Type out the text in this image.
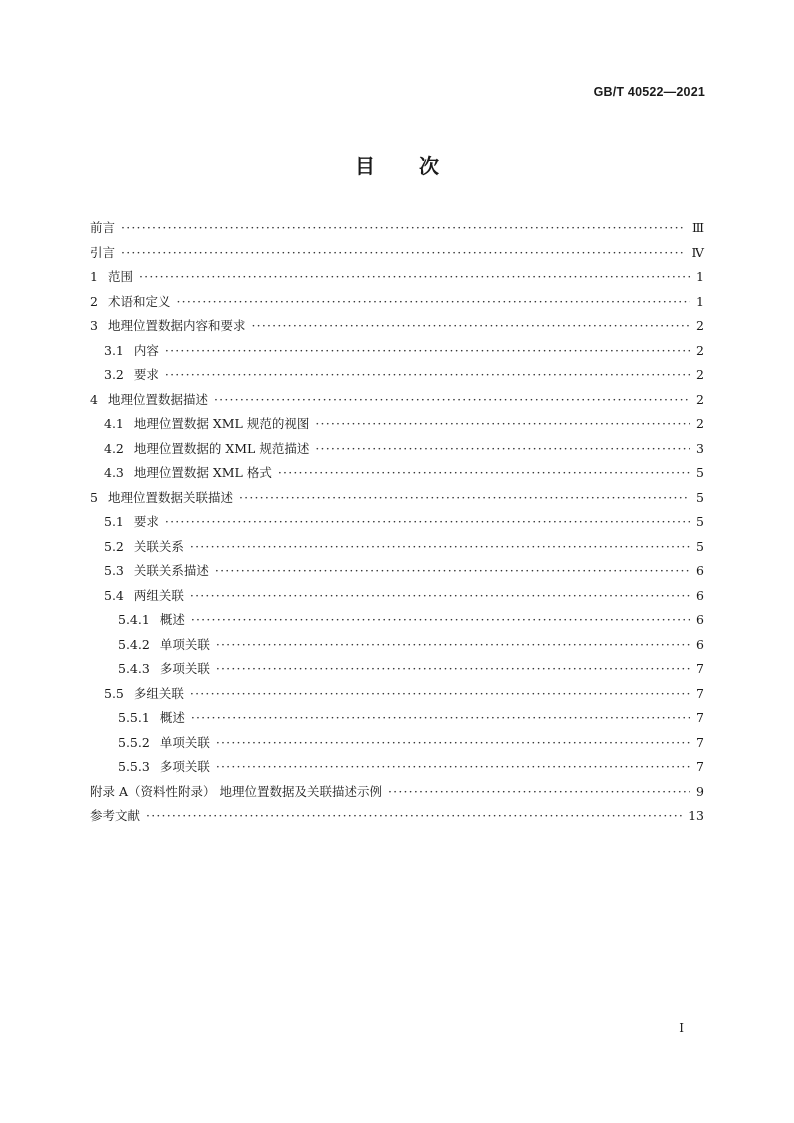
GB/T 40522—2021
目 次
前言 ·····	Ⅲ
引言 ·····	Ⅳ
1 范围 ·····	1
2 术语和定义 ·····	1
3 地理位置数据内容和要求 ·····	2
3.1 内容 ·····	2
3.2 要求 ·····	2
4 地理位置数据描述 ·····	2
4.1 地理位置数据 XML 规范的视图 ·····	2
4.2 地理位置数据的 XML 规范描述 ·····	3
4.3 地理位置数据 XML 格式 ·····	5
5 地理位置数据关联描述 ·····	5
5.1 要求 ·····	5
5.2 关联关系 ·····	5
5.3 关联关系描述 ·····	6
5.4 两组关联 ·····	6
5.4.1 概述 ·····	6
5.4.2 单项关联 ·····	6
5.4.3 多项关联 ·····	7
5.5 多组关联 ·····	7
5.5.1 概述 ·····	7
5.5.2 单项关联 ·····	7
5.5.3 多项关联 ·····	7
附录 A（资料性附录） 地理位置数据及关联描述示例 ·····	9
参考文献 ·····	13
I
